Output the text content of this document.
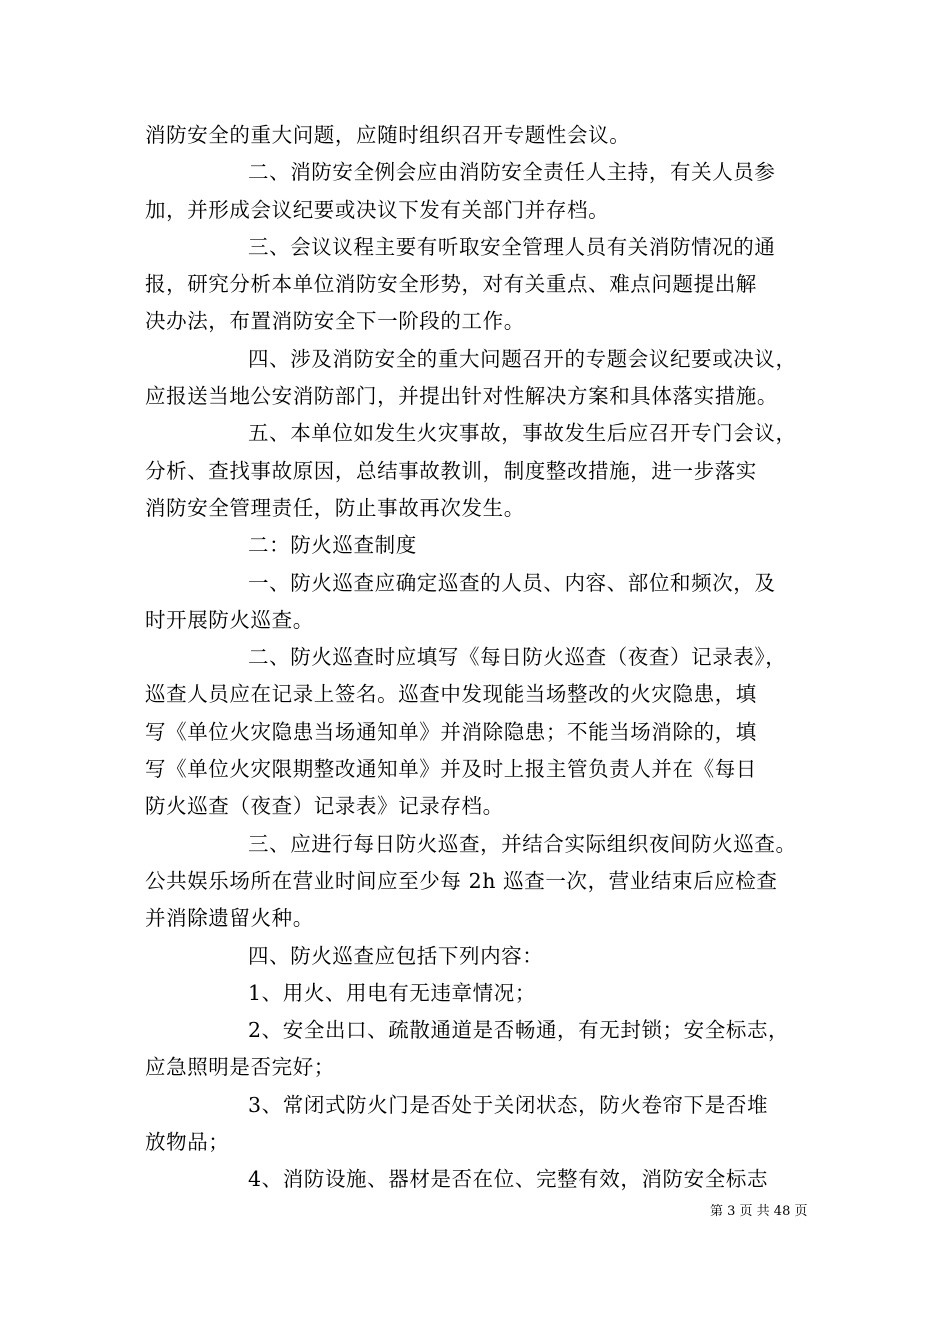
消防安全的重大问题，应随时组织召开专题性会议。
二、消防安全例会应由消防安全责任人主持，有关人员参
加，并形成会议纪要或决议下发有关部门并存档。
三、会议议程主要有听取安全管理人员有关消防情况的通
报，研究分析本单位消防安全形势，对有关重点、难点问题提出解
决办法，布置消防安全下一阶段的工作。
四、涉及消防安全的重大问题召开的专题会议纪要或决议，
应报送当地公安消防部门，并提出针对性解决方案和具体落实措施。
五、本单位如发生火灾事故，事故发生后应召开专门会议，
分析、查找事故原因，总结事故教训，制度整改措施，进一步落实
消防安全管理责任，防止事故再次发生。
二：防火巡查制度
一、防火巡查应确定巡查的人员、内容、部位和频次，及
时开展防火巡查。
二、防火巡查时应填写《每日防火巡查（夜查）记录表》，
巡查人员应在记录上签名。巡查中发现能当场整改的火灾隐患，填
写《单位火灾隐患当场通知单》并消除隐患；不能当场消除的，填
写《单位火灾限期整改通知单》并及时上报主管负责人并在《每日
防火巡查（夜查）记录表》记录存档。
三、应进行每日防火巡查，并结合实际组织夜间防火巡查。
公共娱乐场所在营业时间应至少每 2h 巡查一次，营业结束后应检查
并消除遗留火种。
四、防火巡查应包括下列内容：
1、用火、用电有无违章情况；
2、安全出口、疏散通道是否畅通，有无封锁；安全标志，
应急照明是否完好；
3、常闭式防火门是否处于关闭状态，防火卷帘下是否堆
放物品；
4、消防设施、器材是否在位、完整有效，消防安全标志
第 3 页 共 48 页
